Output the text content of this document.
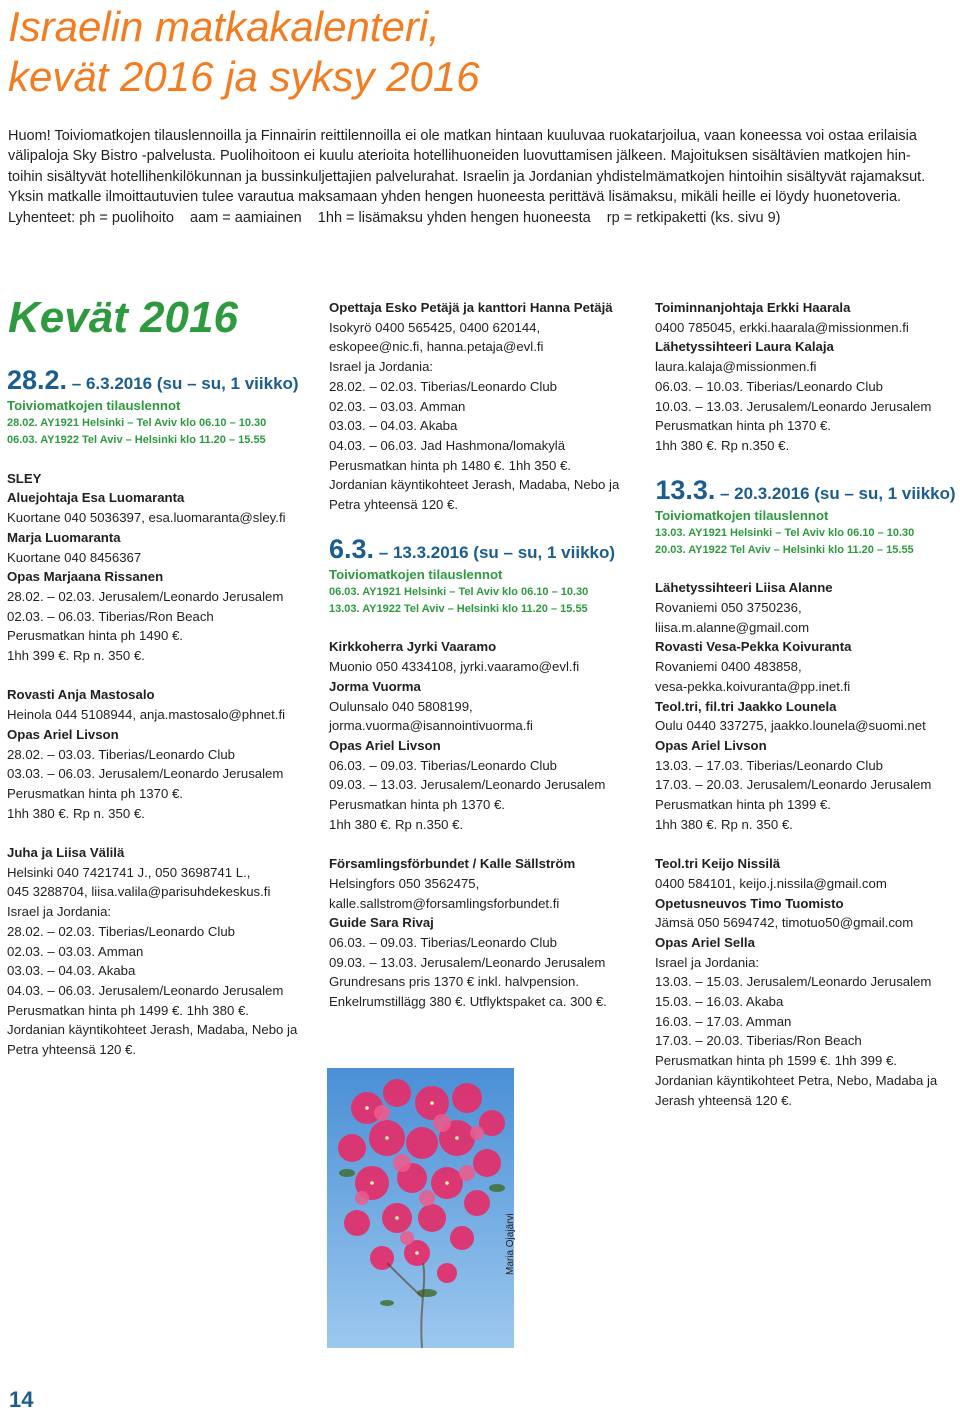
Israelin matkakalenteri,
kevät 2016 ja syksy 2016

Huom! Toiviomatkojen tilauslennoilla ja Finnairin reittilennoilla ei ole matkan hintaan kuuluvaa ruokatarjoilua, vaan koneessa voi ostaa erilaisia

välipaloja Sky Bistro -palvelusta. Puolihoitoon ei kuulu aterioita hotellihuoneiden luovuttamisen jälkeen. Majoituksen sisältävien matkojen hin-

toihin sisältyvät hotellihenkilökunnan ja bussinkuljettajien palvelurahat. Israelin ja Jordanian yhdistelmämatkojen hintoihin sisältyvät rajamaksut.

Yksin matkalle ilmoittautuvien tulee varautua maksamaan yhden hengen huoneesta perittävä lisämaksu, mikäli heille ei löydy huonetoveria.

Lyhenteet: ph = puolihoito    aam = aamiainen    1hh = lisämaksu yhden hengen huoneesta    rp = retkipaketti (ks. sivu 9)

Kevät 2016
28.2. – 6.3.2016 (su – su, 1 viikko)
Toiviomatkojen tilauslennot
28.02. AY1921 Helsinki – Tel Aviv klo 06.10 – 10.30
06.03. AY1922 Tel Aviv – Helsinki klo 11.20 – 15.55
SLEY
Aluejohtaja Esa Luomaranta
Kuortane 040 5036397, esa.luomaranta@sley.fi
Marja Luomaranta
Kuortane 040 8456367
Opas Marjaana Rissanen
28.02. – 02.03. Jerusalem/Leonardo Jerusalem
02.03. – 06.03. Tiberias/Ron Beach
Perusmatkan hinta ph 1490 €.
1hh 399 €. Rp n. 350 €.
Rovasti Anja Mastosalo
Heinola 044 5108944, anja.mastosalo@phnet.fi
Opas Ariel Livson
28.02. – 03.03. Tiberias/Leonardo Club
03.03. – 06.03. Jerusalem/Leonardo Jerusalem
Perusmatkan hinta ph 1370 €.
1hh 380 €. Rp n. 350 €.
Juha ja Liisa Välilä
Helsinki 040 7421741 J., 050 3698741 L.,
045 3288704, liisa.valila@parisuhdekeskus.fi
Israel ja Jordania:
28.02. – 02.03. Tiberias/Leonardo Club
02.03. – 03.03. Amman
03.03. – 04.03. Akaba
04.03. – 06.03. Jerusalem/Leonardo Jerusalem
Perusmatkan hinta ph 1499 €. 1hh 380 €.
Jordanian käyntikohteet Jerash, Madaba, Nebo ja
Petra yhteensä 120 €.
Opettaja Esko Petäjä ja kanttori Hanna Petäjä
Isokyrö 0400 565425, 0400 620144,
eskopee@nic.fi, hanna.petaja@evl.fi
Israel ja Jordania:
28.02. – 02.03. Tiberias/Leonardo Club
02.03. – 03.03. Amman
03.03. – 04.03. Akaba
04.03. – 06.03. Jad Hashmona/lomakylä
Perusmatkan hinta ph 1480 €. 1hh 350 €.
Jordanian käyntikohteet Jerash, Madaba, Nebo ja
Petra yhteensä 120 €.
6.3. – 13.3.2016 (su – su, 1 viikko)
Toiviomatkojen tilauslennot
06.03. AY1921 Helsinki – Tel Aviv klo 06.10 – 10.30
13.03. AY1922 Tel Aviv – Helsinki klo 11.20 – 15.55
Kirkkoherra Jyrki Vaaramo
Muonio 050 4334108, jyrki.vaaramo@evl.fi
Jorma Vuorma
Oulunsalo 040 5808199,
jorma.vuorma@isannointivuorma.fi
Opas Ariel Livson
06.03. – 09.03. Tiberias/Leonardo Club
09.03. – 13.03. Jerusalem/Leonardo Jerusalem
Perusmatkan hinta ph 1370 €.
1hh 380 €. Rp n.350 €.
Församlingsförbundet / Kalle Sällström
Helsingfors 050 3562475,
kalle.sallstrom@forsamlingsforbundet.fi
Guide Sara Rivaj
06.03. – 09.03. Tiberias/Leonardo Club
09.03. – 13.03. Jerusalem/Leonardo Jerusalem
Grundresans pris 1370 € inkl. halvpension.
Enkelrumstillägg 380 €. Utflyktspaket ca. 300 €.
Toiminnanjohtaja Erkki Haarala
0400 785045, erkki.haarala@missionmen.fi
Lähetyssihteeri Laura Kalaja
laura.kalaja@missionmen.fi
06.03. – 10.03. Tiberias/Leonardo Club
10.03. – 13.03. Jerusalem/Leonardo Jerusalem
Perusmatkan hinta ph 1370 €.
1hh 380 €. Rp n.350 €.
13.3. – 20.3.2016 (su – su, 1 viikko)
Toiviomatkojen tilauslennot
13.03. AY1921 Helsinki – Tel Aviv klo 06.10 – 10.30
20.03. AY1922 Tel Aviv – Helsinki klo 11.20 – 15.55
Lähetyssihteeri Liisa Alanne
Rovaniemi 050 3750236,
liisa.m.alanne@gmail.com
Rovasti Vesa-Pekka Koivuranta
Rovaniemi 0400 483858,
vesa-pekka.koivuranta@pp.inet.fi
Teol.tri, fil.tri Jaakko Lounela
Oulu 0440 337275, jaakko.lounela@suomi.net
Opas Ariel Livson
13.03. – 17.03. Tiberias/Leonardo Club
17.03. – 20.03. Jerusalem/Leonardo Jerusalem
Perusmatkan hinta ph 1399 €.
1hh 380 €. Rp n. 350 €.
Teol.tri Keijo Nissilä
0400 584101, keijo.j.nissila@gmail.com
Opetusneuvos Timo Tuomisto
Jämsä 050 5694742, timotuo50@gmail.com
Opas Ariel Sella
Israel ja Jordania:
13.03. – 15.03. Jerusalem/Leonardo Jerusalem
15.03. – 16.03. Akaba
16.03. – 17.03. Amman
17.03. – 20.03. Tiberias/Ron Beach
Perusmatkan hinta ph 1599 €. 1hh 399 €.
Jordanian käyntikohteet Petra, Nebo, Madaba ja
Jerash yhteensä 120 €.
Maria Ojajärvi

14
